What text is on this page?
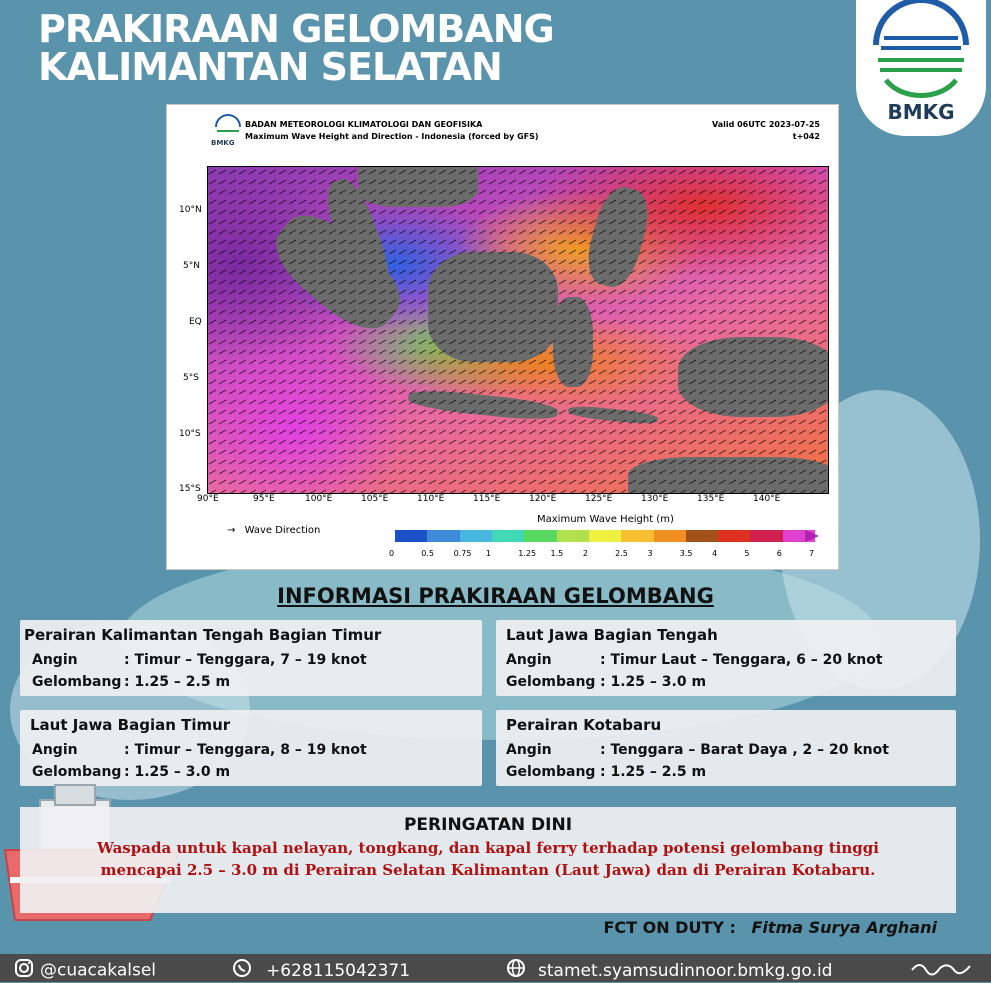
PRAKIRAAN GELOMBANG
KALIMANTAN SELATAN
BMKG
BMKG
BADAN METEOROLOGI KLIMATOLOGI DAN GEOFISIKA
Maximum Wave Height and Direction - Indonesia (forced by GFS)
Valid 06UTC 2023-07-25
t+042
10°N
5°N
EQ
5°S
10°S
15°S
90°E	95°E	100°E	105°E	110°E	115°E	120°E	125°E	130°E	135°E	140°E
→ Wave Direction
Maximum Wave Height (m)
0	0.5 0.75 1	1.25 1.5 2	2.5 3	3.5 4	5	6	7
INFORMASI PRAKIRAAN GELOMBANG
Perairan Kalimantan Tengah Bagian Timur
Angin	: Timur – Tenggara, 7 – 19 knot
Gelombang : 1.25 – 2.5 m
Laut Jawa Bagian Tengah
Angin	: Timur Laut – Tenggara, 6 – 20 knot
Gelombang : 1.25 – 3.0 m
Laut Jawa Bagian Timur
Angin	: Timur – Tenggara, 8 – 19 knot
Gelombang : 1.25 – 3.0 m
Perairan Kotabaru
Angin	: Tenggara – Barat Daya , 2 – 20 knot
Gelombang : 1.25 – 2.5 m
PERINGATAN DINI
Waspada untuk kapal nelayan, tongkang, dan kapal ferry terhadap potensi gelombang tinggi
mencapai 2.5 – 3.0 m di Perairan Selatan Kalimantan (Laut Jawa) dan di Perairan Kotabaru.
FCT ON DUTY : Fitma Surya Arghani
@cuacakalsel	+628115042371	stamet.syamsudinnoor.bmkg.go.id
